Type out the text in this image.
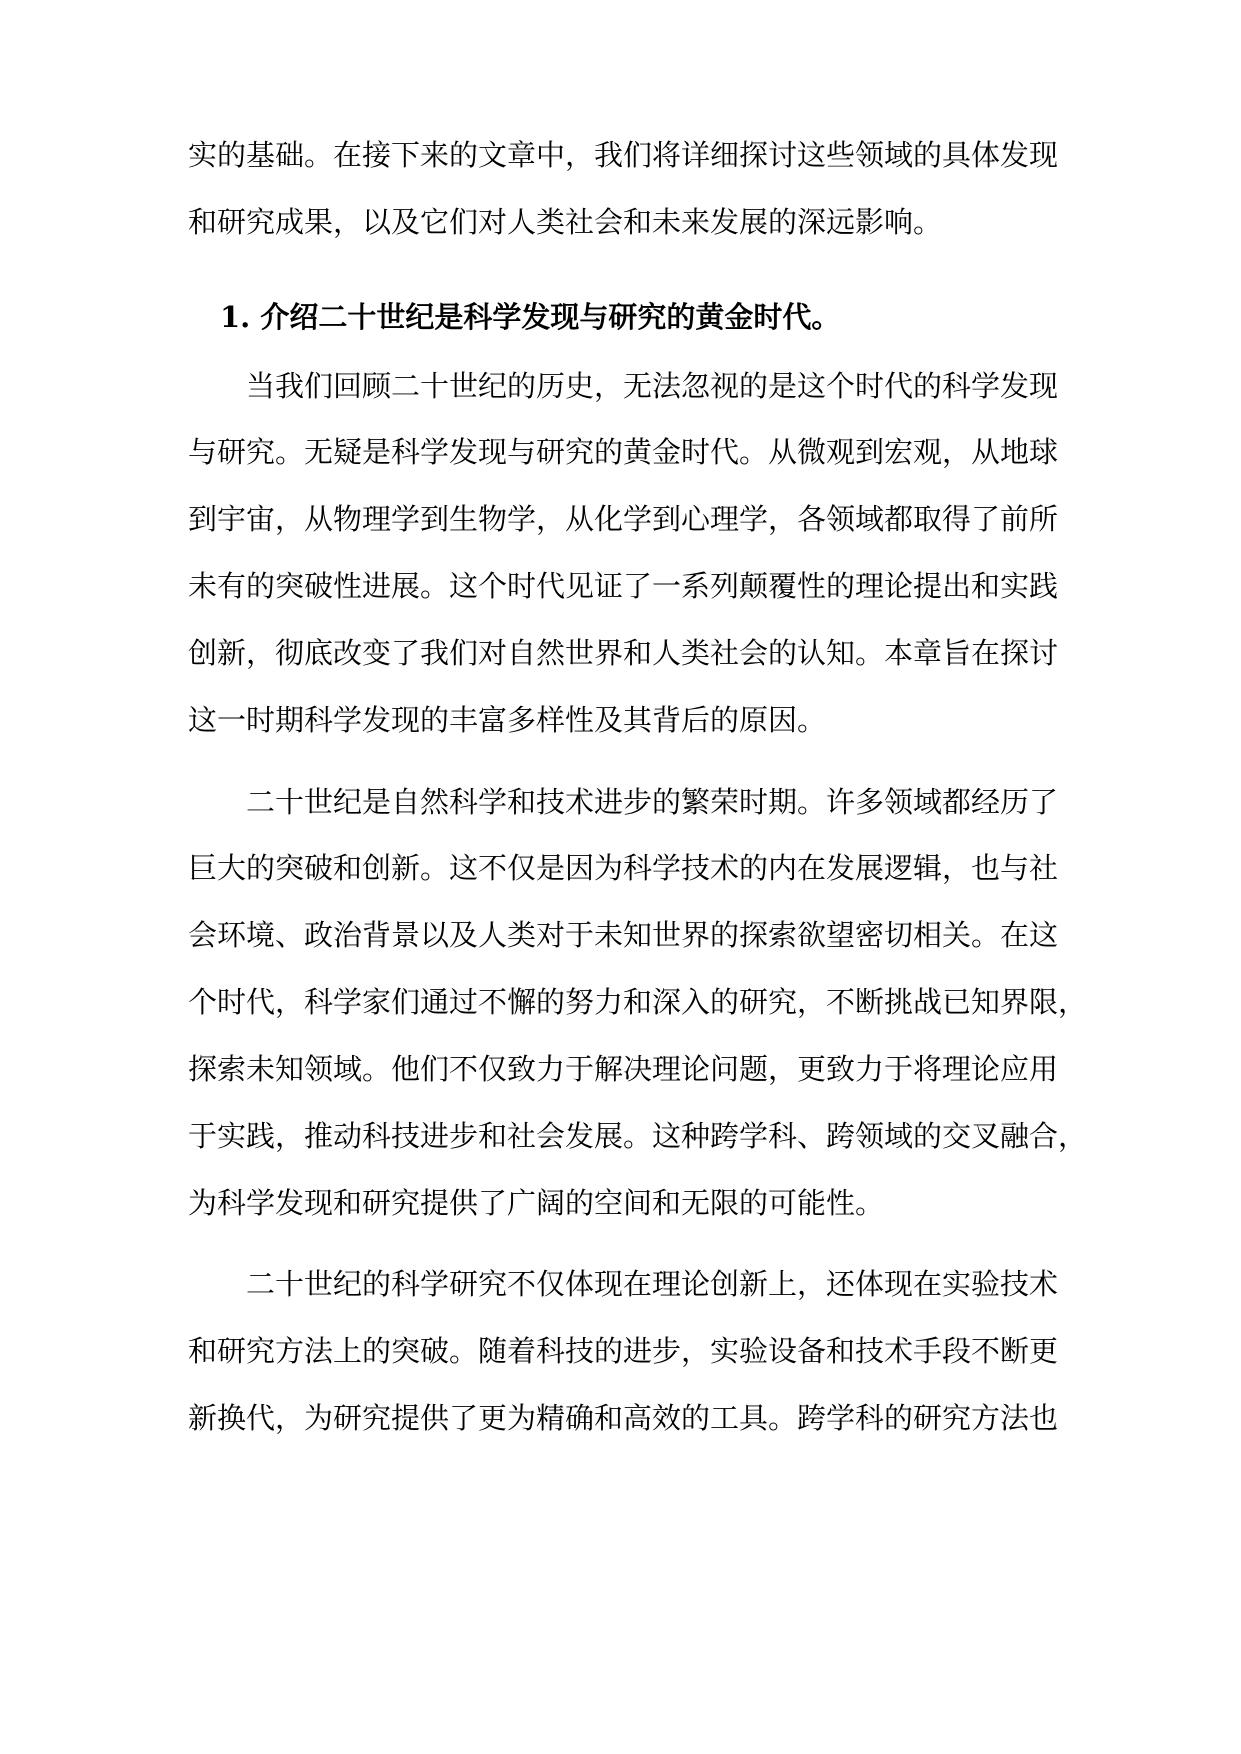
实的基础。在接下来的文章中，我们将详细探讨这些领域的具体发现
和研究成果，以及它们对人类社会和未来发展的深远影响。
1. 介绍二十世纪是科学发现与研究的黄金时代。
当我们回顾二十世纪的历史，无法忽视的是这个时代的科学发现
与研究。无疑是科学发现与研究的黄金时代。从微观到宏观，从地球
到宇宙，从物理学到生物学，从化学到心理学，各领域都取得了前所
未有的突破性进展。这个时代见证了一系列颠覆性的理论提出和实践
创新，彻底改变了我们对自然世界和人类社会的认知。本章旨在探讨
这一时期科学发现的丰富多样性及其背后的原因。
二十世纪是自然科学和技术进步的繁荣时期。许多领域都经历了
巨大的突破和创新。这不仅是因为科学技术的内在发展逻辑，也与社
会环境、政治背景以及人类对于未知世界的探索欲望密切相关。在这
个时代，科学家们通过不懈的努力和深入的研究，不断挑战已知界限，
探索未知领域。他们不仅致力于解决理论问题，更致力于将理论应用
于实践，推动科技进步和社会发展。这种跨学科、跨领域的交叉融合，
为科学发现和研究提供了广阔的空间和无限的可能性。
二十世纪的科学研究不仅体现在理论创新上，还体现在实验技术
和研究方法上的突破。随着科技的进步，实验设备和技术手段不断更
新换代，为研究提供了更为精确和高效的工具。跨学科的研究方法也
